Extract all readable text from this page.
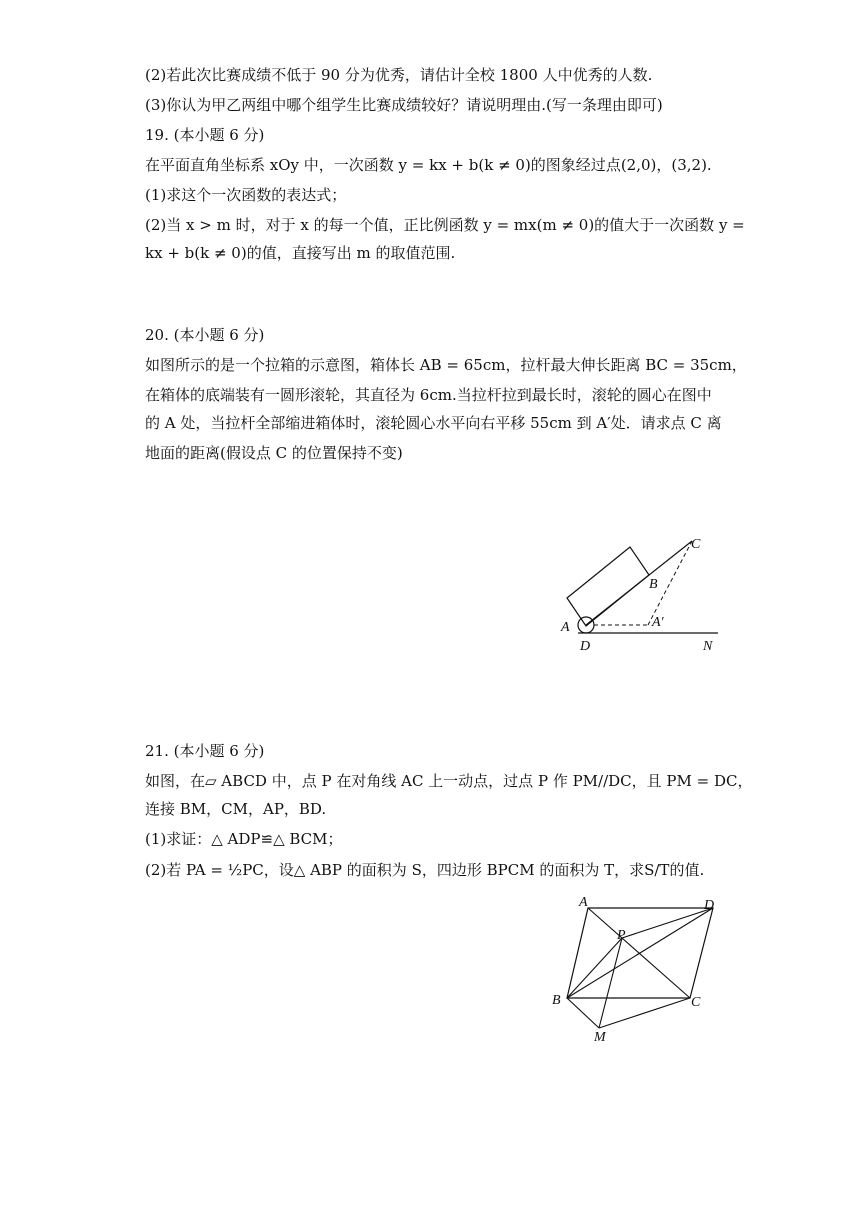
(2)若此次比赛成绩不低于 90 分为优秀，请估计全校 1800 人中优秀的人数.
(3)你认为甲乙两组中哪个组学生比赛成绩较好？请说明理由.(写一条理由即可)
19. (本小题 6 分)
在平面直角坐标系 xOy 中，一次函数 y = kx + b(k ≠ 0)的图象经过点(2,0)，(3,2).
(1)求这个一次函数的表达式；
(2)当 x > m 时，对于 x 的每一个值，正比例函数 y = mx(m ≠ 0)的值大于一次函数 y =
kx + b(k ≠ 0)的值，直接写出 m 的取值范围.
20. (本小题 6 分)
如图所示的是一个拉箱的示意图，箱体长 AB = 65cm，拉杆最大伸长距离 BC = 35cm，
在箱体的底端装有一圆形滚轮，其直径为 6cm.当拉杆拉到最长时，滚轮的圆心在图中
的 A 处，当拉杆全部缩进箱体时，滚轮圆心水平向右平移 55cm 到 A′处．请求点 C 离
地面的距离(假设点 C 的位置保持不变)
C
B
A	A′
D	N
21. (本小题 6 分)
如图，在▱ ABCD 中，点 P 在对角线 AC 上一动点，过点 P 作 PM//DC，且 PM = DC，
连接 BM，CM，AP，BD.
(1)求证：△ ADP≌△ BCM；
(2)若 PA = ½PC，设△ ABP 的面积为 S，四边形 BPCM 的面积为 T，求S/T的值.
A	D
P
B	C
M
